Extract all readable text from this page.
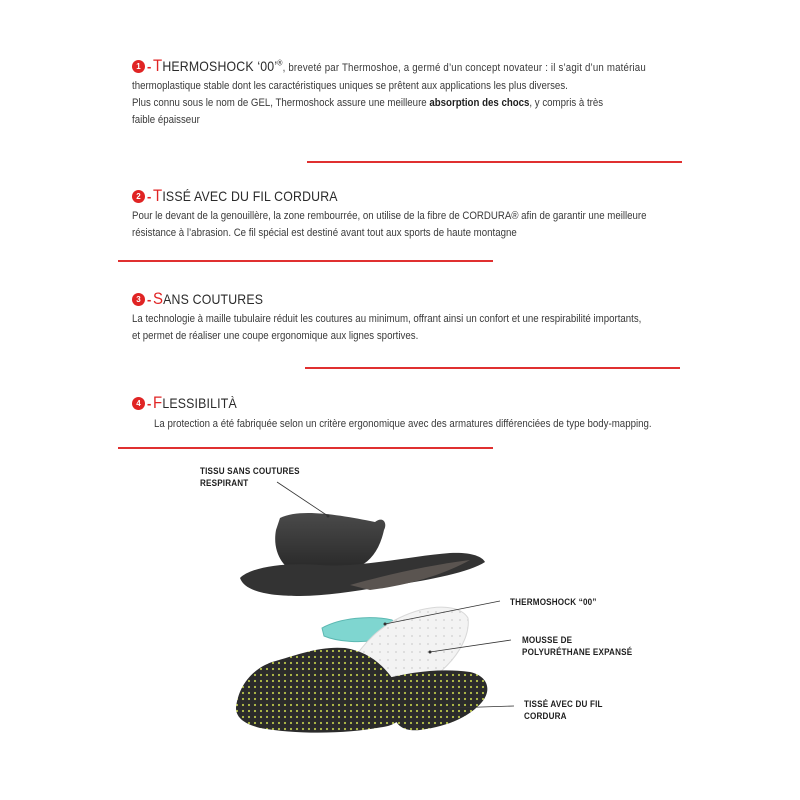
1 - THERMOSHOCK ‘00’®, breveté par Thermoshoe, a germé d’un concept novateur : il s’agit d’un matériau

thermoplastique stable dont les caractéristiques uniques se prêtent aux applications les plus diverses.
Plus connu sous le nom de GEL, Thermoshock assure une meilleure absorption des chocs, y compris à très
faible épaisseur

2 - TISSÉ AVEC DU FIL CORDURA

Pour le devant de la genouillère, la zone rembourrée, on utilise de la fibre de CORDURA® afin de garantir une meilleure
résistance à l’abrasion. Ce fil spécial est destiné avant tout aux sports de haute montagne

3 - SANS COUTURES

La technologie à maille tubulaire réduit les coutures au minimum, offrant ainsi un confort et une respirabilité importants,
et permet de réaliser une coupe ergonomique aux lignes sportives.

4 - FLESSIBILITÀ

La protection a été fabriquée selon un critère ergonomique avec des armatures différenciées de type body-mapping.

TISSU SANS COUTURES
RESPIRANT
THERMOSHOCK “00”
MOUSSE DE
POLYURÉTHANE EXPANSÉ
TISSÉ AVEC DU FIL
CORDURA
